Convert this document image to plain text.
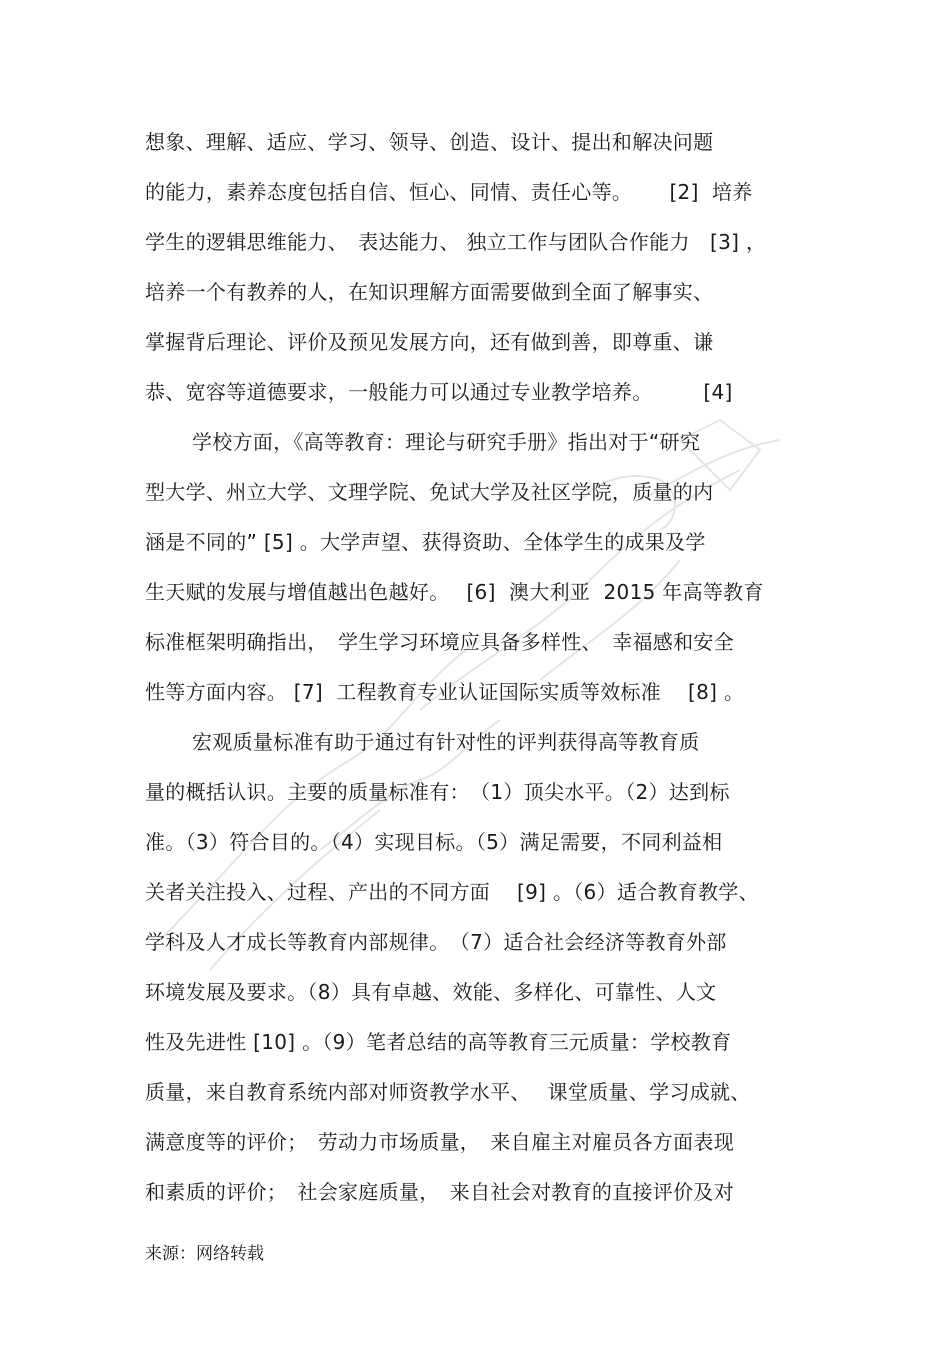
想象、理解、适应、学习、领导、创造、设计、提出和解决问题
的能力，素养态度包括自信、恒心、同情、责任心等。　　 [2]  培养
学生的逻辑思维能力、　表达能力、 独立工作与团队合作能力　[3] ，
培养一个有教养的人，在知识理解方面需要做到全面了解事实、
掌握背后理论、评价及预见发展方向，还有做到善，即尊重、谦
恭、宽容等道德要求，一般能力可以通过专业教学培养。　　　[4]
学校方面，《高等教育：理论与研究手册》指出对于“研究
型大学、州立大学、文理学院、免试大学及社区学院，质量的内
涵是不同的” [5] 。大学声望、获得资助、全体学生的成果及学
生天赋的发展与增值越出色越好。　 [6]  澳大利亚  2015 年高等教育
标准框架明确指出，　学生学习环境应具备多样性、　幸福感和安全
性等方面内容。 [7]  工程教育专业认证国际实质等效标准　 [8] 。
宏观质量标准有助于通过有针对性的评判获得高等教育质
量的概括认识。主要的质量标准有：　（1）顶尖水平。（2）达到标
准。（3）符合目的。（4）实现目标。（5）满足需要，不同利益相
关者关注投入、过程、产出的不同方面　 [9] 。（6）适合教育教学、
学科及人才成长等教育内部规律。　（7）适合社会经济等教育外部
环境发展及要求。（8）具有卓越、效能、多样化、可靠性、人文
性及先进性 [10] 。（9）笔者总结的高等教育三元质量：学校教育
质量，来自教育系统内部对师资教学水平、　 课堂质量、学习成就、
满意度等的评价；　劳动力市场质量，　来自雇主对雇员各方面表现
和素质的评价；　社会家庭质量，　来自社会对教育的直接评价及对
来源：网络转载
